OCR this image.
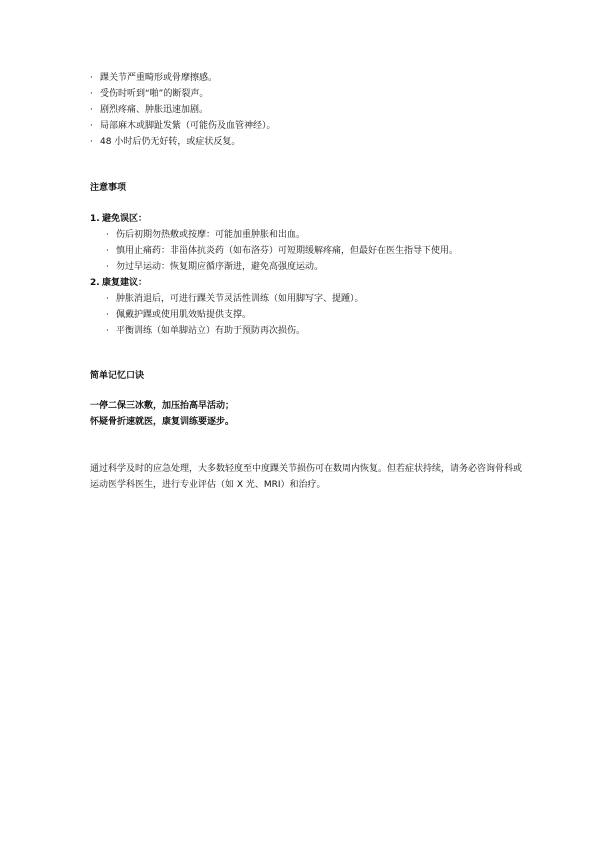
· 踝关节严重畸形或骨摩擦感。
· 受伤时听到“啪”的断裂声。
· 剧烈疼痛、肿胀迅速加剧。
· 局部麻木或脚趾发紫（可能伤及血管神经）。
· 48 小时后仍无好转，或症状反复。
注意事项
1. 避免误区：
· 伤后初期勿热敷或按摩：可能加重肿胀和出血。
· 慎用止痛药：非甾体抗炎药（如布洛芬）可短期缓解疼痛，但最好在医生指导下使用。
· 勿过早运动：恢复期应循序渐进，避免高强度运动。
2. 康复建议：
· 肿胀消退后，可进行踝关节灵活性训练（如用脚写字、提踵）。
· 佩戴护踝或使用肌效贴提供支撑。
· 平衡训练（如单脚站立）有助于预防再次损伤。
简单记忆口诀
一停二保三冰敷，加压抬高早活动；
怀疑骨折速就医，康复训练要逐步。
通过科学及时的应急处理，大多数轻度至中度踝关节损伤可在数周内恢复。但若症状持续，请务必咨询骨科或运动医学科医生，进行专业评估（如 X 光、MRI）和治疗。
